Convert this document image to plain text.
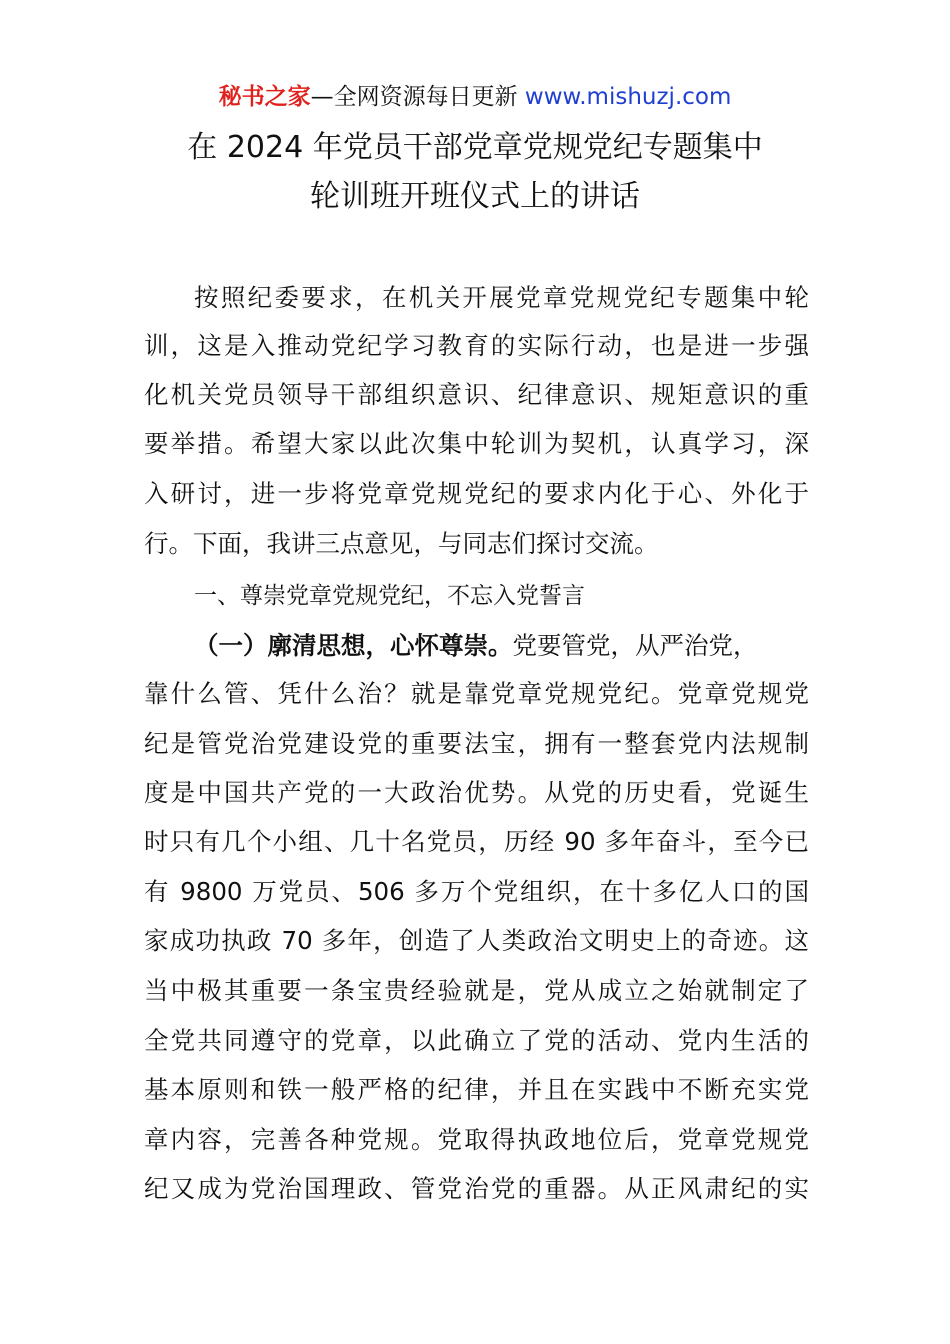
秘书之家—全网资源每日更新 www.mishuzj.com
在 2024 年党员干部党章党规党纪专题集中
轮训班开班仪式上的讲话
按照纪委要求，在机关开展党章党规党纪专题集中轮
训，这是入推动党纪学习教育的实际行动，也是进一步强
化机关党员领导干部组织意识、纪律意识、规矩意识的重
要举措。希望大家以此次集中轮训为契机，认真学习，深
入研讨，进一步将党章党规党纪的要求内化于心、外化于
行。下面，我讲三点意见，与同志们探讨交流。
一、尊崇党章党规党纪，不忘入党誓言
（一）廓清思想，心怀尊崇。党要管党，从严治党，
靠什么管、凭什么治？就是靠党章党规党纪。党章党规党
纪是管党治党建设党的重要法宝，拥有一整套党内法规制
度是中国共产党的一大政治优势。从党的历史看，党诞生
时只有几个小组、几十名党员，历经 90 多年奋斗，至今已
有 9800 万党员、506 多万个党组织，在十多亿人口的国
家成功执政 70 多年，创造了人类政治文明史上的奇迹。这
当中极其重要一条宝贵经验就是，党从成立之始就制定了
全党共同遵守的党章，以此确立了党的活动、党内生活的
基本原则和铁一般严格的纪律，并且在实践中不断充实党
章内容，完善各种党规。党取得执政地位后，党章党规党
纪又成为党治国理政、管党治党的重器。从正风肃纪的实
